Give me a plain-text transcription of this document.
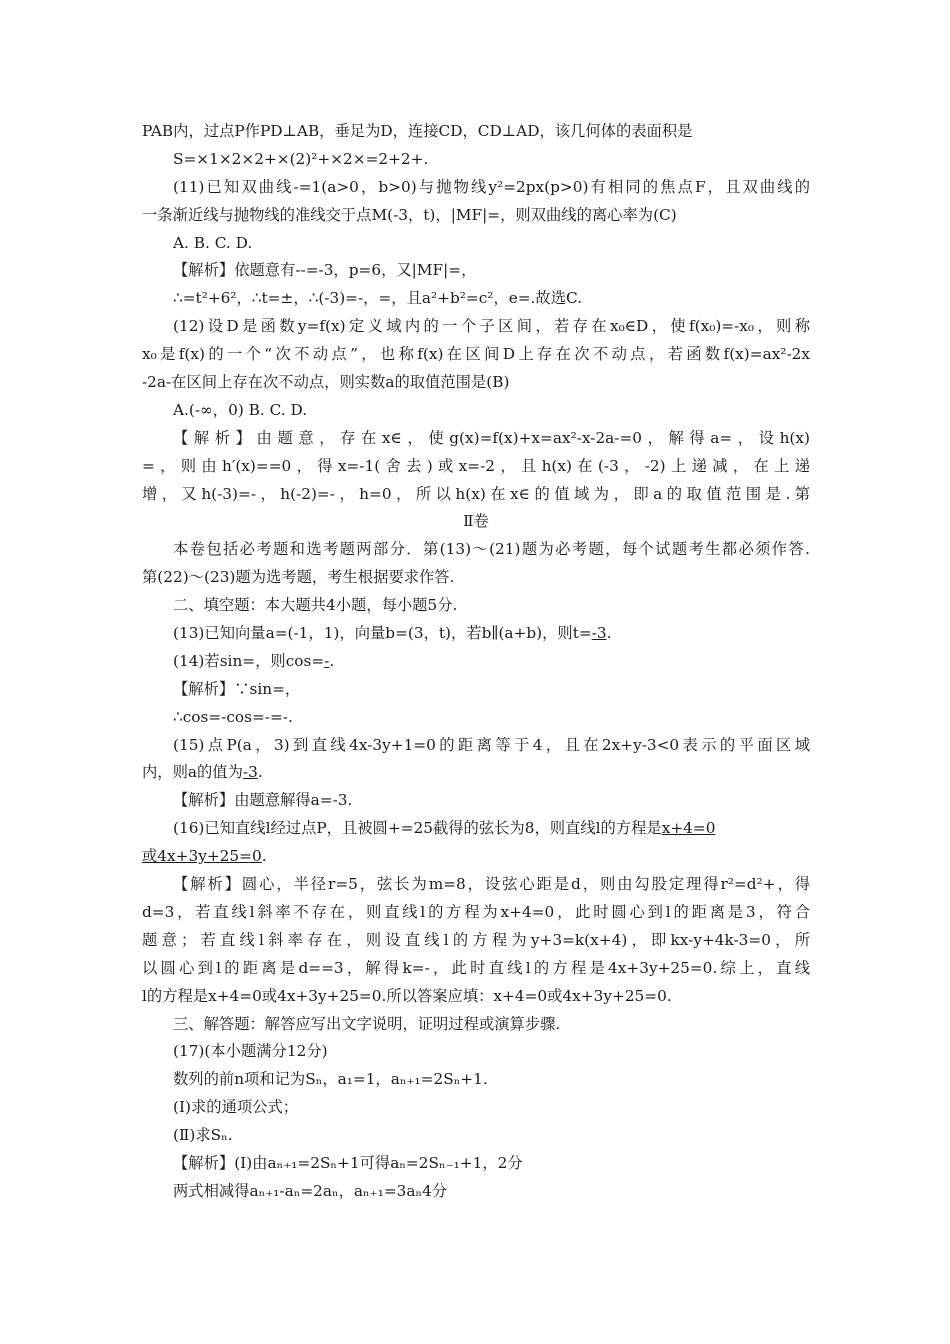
PAB内，过点P作PD⊥AB，垂足为D，连接CD，CD⊥AD，该几何体的表面积是
S=×1×2×2+×(2)²+×2×=2+2+.
(11)已知双曲线-=1(a>0，b>0)与抛物线y²=2px(p>0)有相同的焦点F，且双曲线的
一条渐近线与抛物线的准线交于点M(-3，t)，|MF|=，则双曲线的离心率为(C)
A. B. C. D.
【解析】依题意有--=-3，p=6，又|MF|=，
∴=t²+6²，∴t=±，∴(-3)=-，=，且a²+b²=c²，e=.故选C.
(12)设D是函数y=f(x)定义域内的一个子区间，若存在x₀∈D，使f(x₀)=-x₀，则称
x₀是f(x)的一个“次不动点”，也称f(x)在区间D上存在次不动点，若函数f(x)=ax²-2x
-2a-在区间上存在次不动点，则实数a的取值范围是(B)
A.(-∞，0) B. C. D.
【解析】由题意，存在x∈，使g(x)=f(x)+x=ax²-x-2a-=0，解得a=，设h(x)
=，则由h′(x)==0，得x=-1(舍去)或x=-2，且h(x)在(-3，-2)上递减，在上递
增，又h(-3)=-，h(-2)=-，h=0，所以h(x)在x∈的值域为，即a的取值范围是.第
Ⅱ卷
本卷包括必考题和选考题两部分．第(13)～(21)题为必考题，每个试题考生都必须作答.
第(22)～(23)题为选考题，考生根据要求作答.
二、填空题：本大题共4小题，每小题5分.
(13)已知向量a=(-1，1)，向量b=(3，t)，若b∥(a+b)，则t=-3.
(14)若sin=，则cos=-.
【解析】∵sin=，
∴cos=-cos=-=-.
(15)点P(a，3)到直线4x-3y+1=0的距离等于4，且在2x+y-3<0表示的平面区域
内，则a的值为-3.
【解析】由题意解得a=-3.
(16)已知直线l经过点P，且被圆+=25截得的弦长为8，则直线l的方程是x+4=0
或4x+3y+25=0.
【解析】圆心，半径r=5，弦长为m=8，设弦心距是d，则由勾股定理得r²=d²+，得
d=3，若直线l斜率不存在，则直线l的方程为x+4=0，此时圆心到l的距离是3，符合
题意；若直线l斜率存在，则设直线l的方程为y+3=k(x+4)，即kx-y+4k-3=0，所
以圆心到l的距离是d==3，解得k=-，此时直线l的方程是4x+3y+25=0.综上，直线
l的方程是x+4=0或4x+3y+25=0.所以答案应填：x+4=0或4x+3y+25=0.
三、解答题：解答应写出文字说明，证明过程或演算步骤.
(17)(本小题满分12分)
数列的前n项和记为Sₙ，a₁=1，aₙ₊₁=2Sₙ+1.
(Ⅰ)求的通项公式；
(Ⅱ)求Sₙ.
【解析】(Ⅰ)由aₙ₊₁=2Sₙ+1可得aₙ=2Sₙ₋₁+1，2分
两式相减得aₙ₊₁-aₙ=2aₙ，aₙ₊₁=3aₙ4分
